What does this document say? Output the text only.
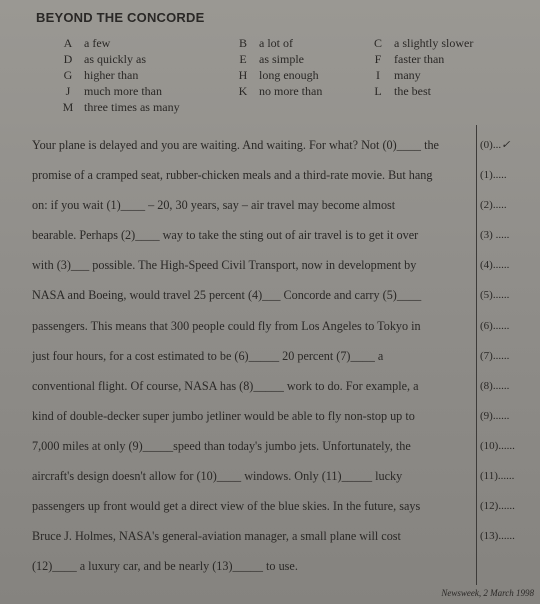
BEYOND THE CONCORDE
A a few	B	a lot of	C	a slightly slower
D as quickly as	E	as simple	F	faster than
G higher than	H long enough	I	many
J	much more than	K no more than	L	the best
M three times as many
Your plane is delayed and you are waiting. And waiting. For what? Not (0)____ the
promise of a cramped seat, rubber-chicken meals and a third-rate movie. But hang
on: if you wait (1)____ – 20, 30 years, say – air travel may become almost
bearable. Perhaps (2)____ way to take the sting out of air travel is to get it over
with (3)___ possible. The High-Speed Civil Transport, now in development by
NASA and Boeing, would travel 25 percent (4)___ Concorde and carry (5)____
passengers. This means that 300 people could fly from Los Angeles to Tokyo in
just four hours, for a cost estimated to be (6)_____ 20 percent (7)____ a
conventional flight. Of course, NASA has (8)_____ work to do. For example, a
kind of double-decker super jumbo jetliner would be able to fly non-stop up to
7,000 miles at only (9)_____speed than today's jumbo jets. Unfortunately, the
aircraft's design doesn't allow for (10)____ windows. Only (11)_____ lucky
passengers up front would get a direct view of the blue skies. In the future, says
Bruce J. Holmes, NASA's general-aviation manager, a small plane will cost
(12)____ a luxury car, and be nearly (13)_____ to use.
(0)...✓
(1).....
(2).....
(3) .....
(4)......
(5)......
(6)......
(7)......
(8)......
(9)......
(10)......
(11)......
(12)......
(13)......
Newsweek, 2 March 1998
